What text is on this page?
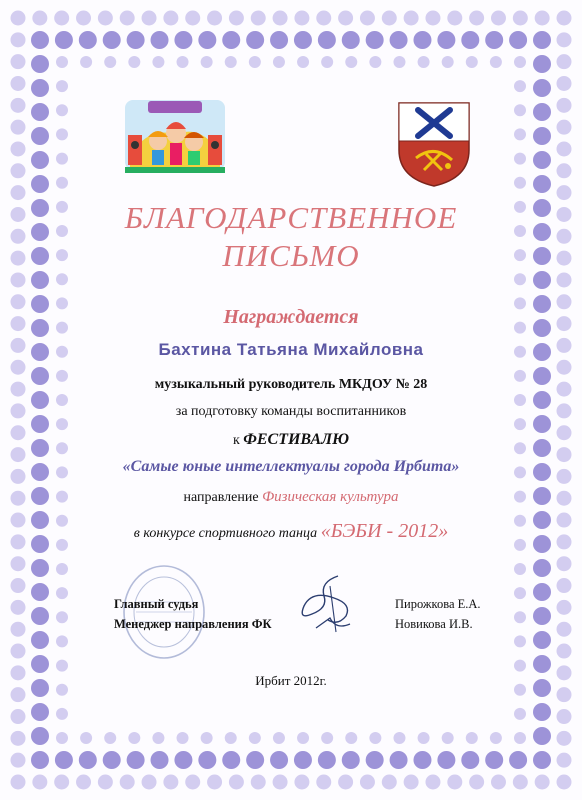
БЛАГОДАРСТВЕННОЕ
ПИСЬМО
Награждается
Бахтина Татьяна Михайловна
музыкальный руководитель МКДОУ № 28
за подготовку команды воспитанников
к ФЕСТИВАЛЮ
«Самые юные интеллектуалы города Ирбита»
направление Физическая культура
в конкурсе спортивного танца «БЭБИ - 2012»
Главный судья
Менеджер направления ФК
Пирожкова Е.А.
Новикова И.В.
Ирбит 2012г.
